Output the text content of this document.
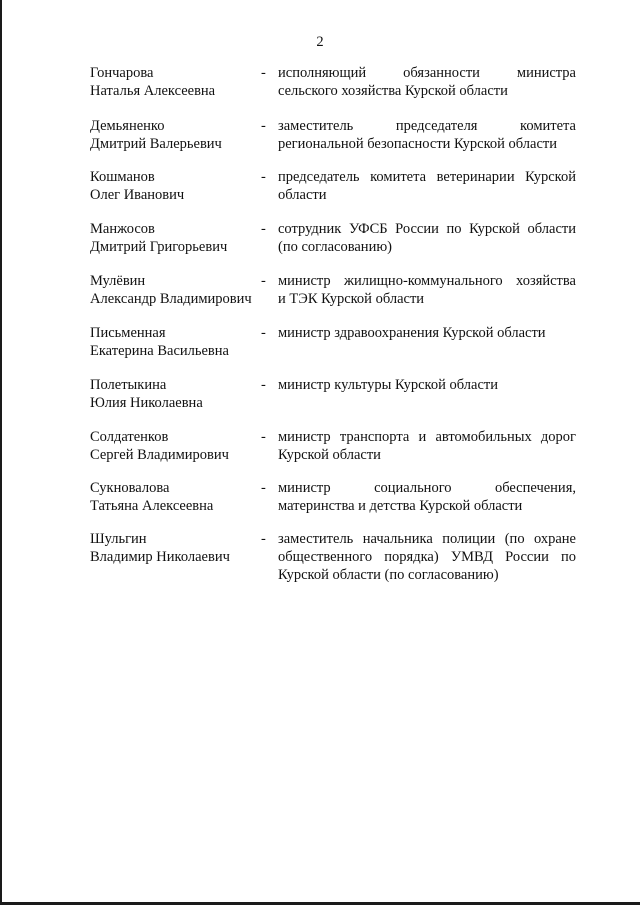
2
Гончарова
Наталья Алексеевна
- исполняющий обязанности министра
сельского хозяйства Курской области
Демьяненко
Дмитрий Валерьевич
- заместитель председателя комитета
региональной безопасности Курской области
Кошманов
Олег Иванович
- председатель комитета ветеринарии Курской
области
Манжосов
Дмитрий Григорьевич
- сотрудник УФСБ России по Курской области
(по согласованию)
Мулёвин
Александр Владимирович
- министр жилищно-коммунального хозяйства
и ТЭК Курской области
Письменная
Екатерина Васильевна
- министр здравоохранения Курской области
Полетыкина
Юлия Николаевна
- министр культуры Курской области
Солдатенков
Сергей Владимирович
- министр транспорта и автомобильных дорог
Курской области
Сукновалова
Татьяна Алексеевна
- министр социального обеспечения,
материнства и детства Курской области
Шульгин
Владимир Николаевич
- заместитель начальника полиции (по охране
общественного порядка) УМВД России по
Курской области (по согласованию)
